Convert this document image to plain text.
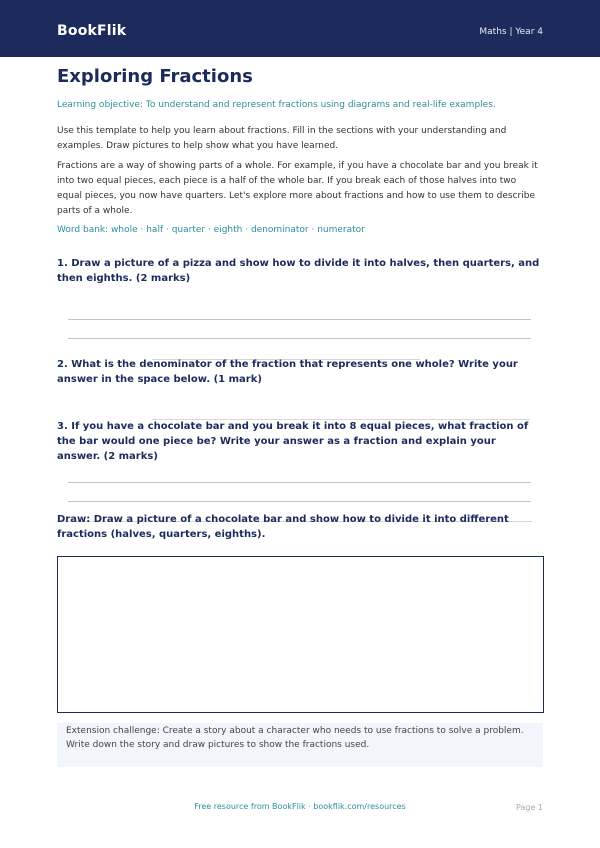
BookFlik	Maths | Year 4
Exploring Fractions
Learning objective: To understand and represent fractions using diagrams and real-life examples.
Use this template to help you learn about fractions. Fill in the sections with your understanding and examples. Draw pictures to help show what you have learned.
Fractions are a way of showing parts of a whole. For example, if you have a chocolate bar and you break it into two equal pieces, each piece is a half of the whole bar. If you break each of those halves into two equal pieces, you now have quarters. Let's explore more about fractions and how to use them to describe parts of a whole.
Word bank: whole · half · quarter · eighth · denominator · numerator
1. Draw a picture of a pizza and show how to divide it into halves, then quarters, and then eighths. (2 marks)
2. What is the denominator of the fraction that represents one whole? Write your answer in the space below. (1 mark)
3. If you have a chocolate bar and you break it into 8 equal pieces, what fraction of the bar would one piece be? Write your answer as a fraction and explain your answer. (2 marks)
Draw: Draw a picture of a chocolate bar and show how to divide it into different fractions (halves, quarters, eighths).
Extension challenge: Create a story about a character who needs to use fractions to solve a problem. Write down the story and draw pictures to show the fractions used.
Free resource from BookFlik · bookflik.com/resources	Page 1
